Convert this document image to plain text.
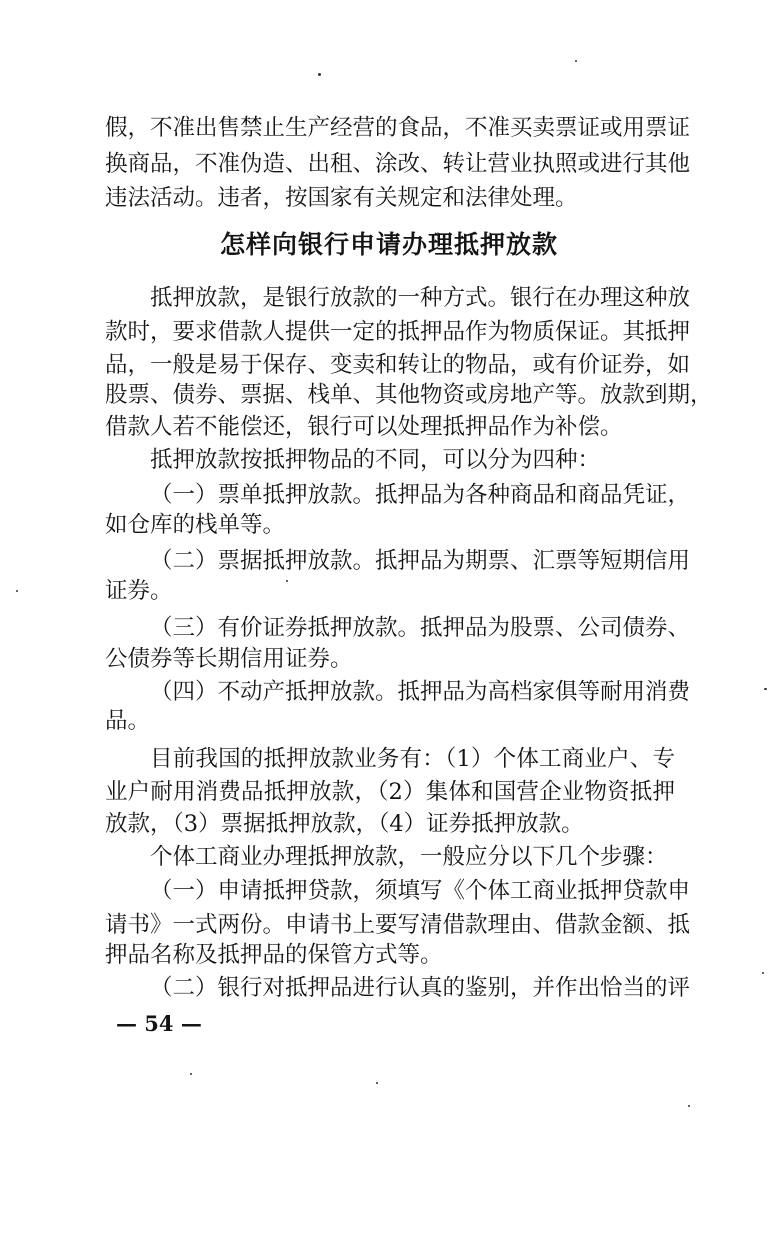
假，不准出售禁止生产经营的食品，不准买卖票证或用票证
换商品，不准伪造、出租、涂改、转让营业执照或进行其他
违法活动。违者，按国家有关规定和法律处理。
怎样向银行申请办理抵押放款
抵押放款，是银行放款的一种方式。银行在办理这种放
款时，要求借款人提供一定的抵押品作为物质保证。其抵押
品，一般是易于保存、变卖和转让的物品，或有价证券，如
股票、债券、票据、栈单、其他物资或房地产等。放款到期，
借款人若不能偿还，银行可以处理抵押品作为补偿。
抵押放款按抵押物品的不同，可以分为四种：
（一）票单抵押放款。抵押品为各种商品和商品凭证，
如仓库的栈单等。
（二）票据抵押放款。抵押品为期票、汇票等短期信用
证券。
（三）有价证券抵押放款。抵押品为股票、公司债券、
公债券等长期信用证券。
（四）不动产抵押放款。抵押品为高档家俱等耐用消费
品。
目前我国的抵押放款业务有：（1）个体工商业户、专
业户耐用消费品抵押放款，（2）集体和国营企业物资抵押
放款，（3）票据抵押放款，（4）证券抵押放款。
个体工商业办理抵押放款，一般应分以下几个步骤：
（一）申请抵押贷款，须填写《个体工商业抵押贷款申
请书》一式两份。申请书上要写清借款理由、借款金额、抵
押品名称及抵押品的保管方式等。
（二）银行对抵押品进行认真的鉴别，并作出恰当的评
— 54 —
